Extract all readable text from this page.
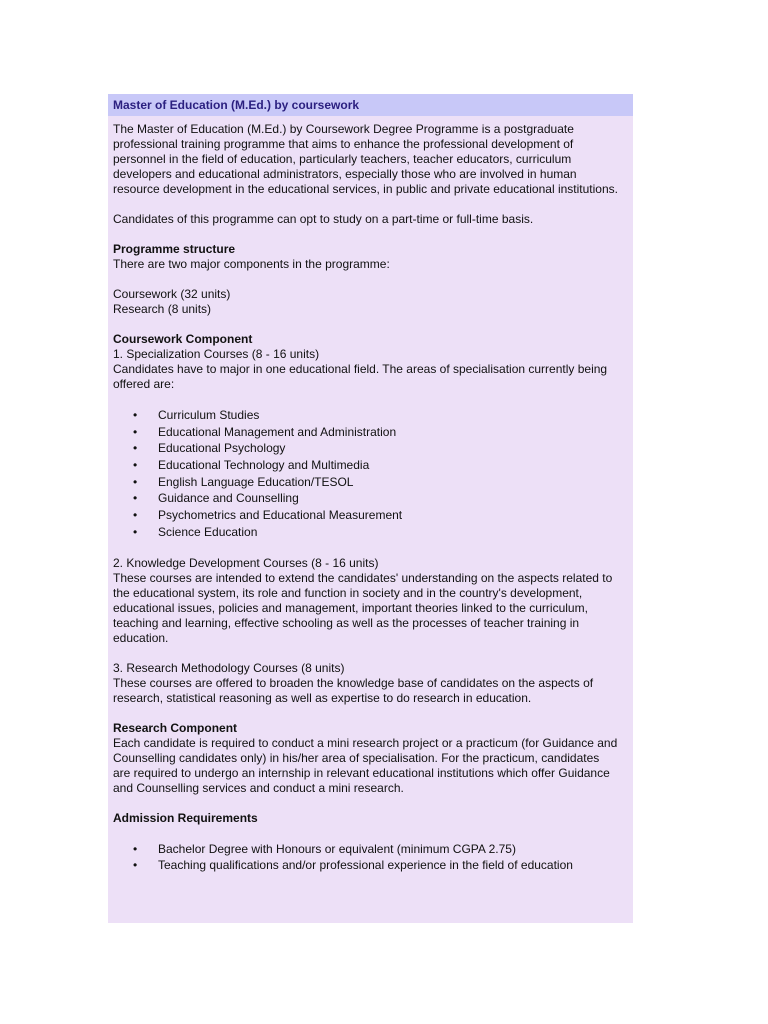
Master of Education (M.Ed.) by coursework

The Master of Education (M.Ed.) by Coursework Degree Programme is a postgraduate professional training programme that aims to enhance the professional development of personnel in the field of education, particularly teachers, teacher educators, curriculum developers and educational administrators, especially those who are involved in human resource development in the educational services, in public and private educational institutions.

Candidates of this programme can opt to study on a part-time or full-time basis.

Programme structure

There are two major components in the programme:

Coursework (32 units)

Research (8 units)

Coursework Component

1. Specialization Courses (8 - 16 units)

Candidates have to major in one educational field. The areas of specialisation currently being offered are:

• Curriculum Studies
• Educational Management and Administration
• Educational Psychology
• Educational Technology and Multimedia
• English Language Education/TESOL
• Guidance and Counselling
• Psychometrics and Educational Measurement
• Science Education

2. Knowledge Development Courses (8 - 16 units)

These courses are intended to extend the candidates' understanding on the aspects related to the educational system, its role and function in society and in the country's development, educational issues, policies and management, important theories linked to the curriculum, teaching and learning, effective schooling as well as the processes of teacher training in education.

3. Research Methodology Courses (8 units)

These courses are offered to broaden the knowledge base of candidates on the aspects of research, statistical reasoning as well as expertise to do research in education.

Research Component

Each candidate is required to conduct a mini research project or a practicum (for Guidance and Counselling candidates only) in his/her area of specialisation. For the practicum, candidates are required to undergo an internship in relevant educational institutions which offer Guidance and Counselling services and conduct a mini research.

Admission Requirements

• Bachelor Degree with Honours or equivalent (minimum CGPA 2.75)
• Teaching qualifications and/or professional experience in the field of education
